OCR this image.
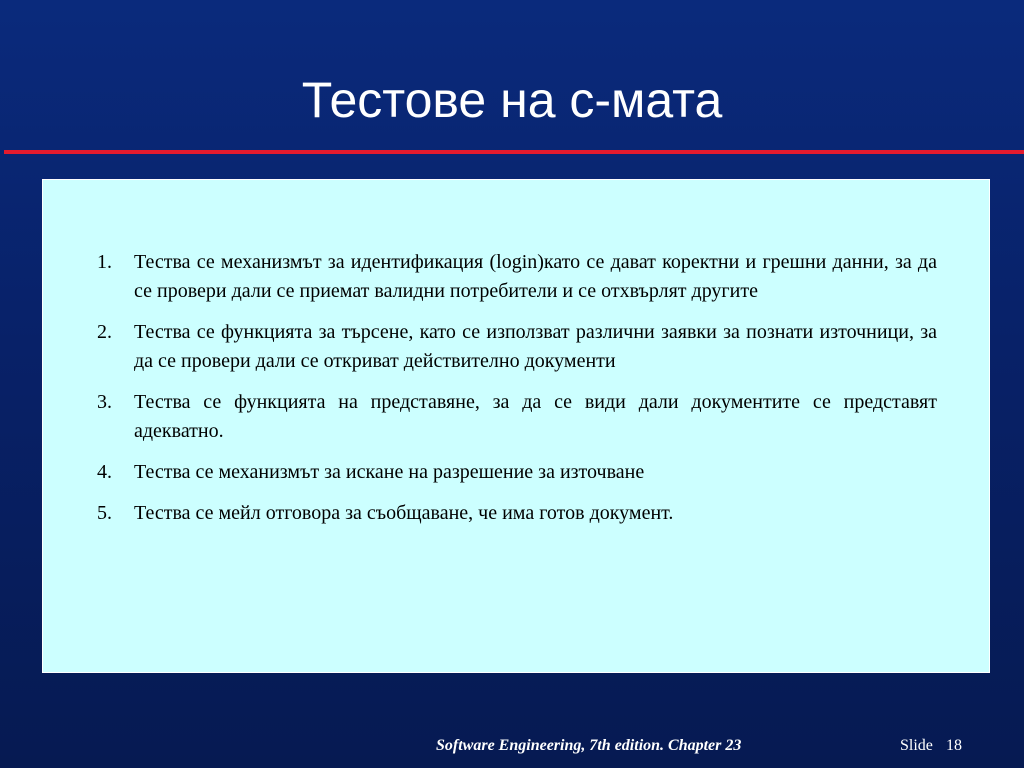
Тестове на с-мата
1. Тества се механизмът за идентификация (login)като се дават коректни и грешни данни, за да се провери дали се приемат валидни потребители и се отхвърлят другите
2. Тества се функцията за търсене, като се използват различни заявки за познати източници, за да се провери дали се откриват действително документи
3. Тества се функцията на представяне, за да се види дали документите се представят адекватно.
4. Тества се механизмът за искане на разрешение за източване
5. Тества се мейл отговора за съобщаване, че има готов документ.
Software Engineering, 7th edition. Chapter 23	Slide 18
